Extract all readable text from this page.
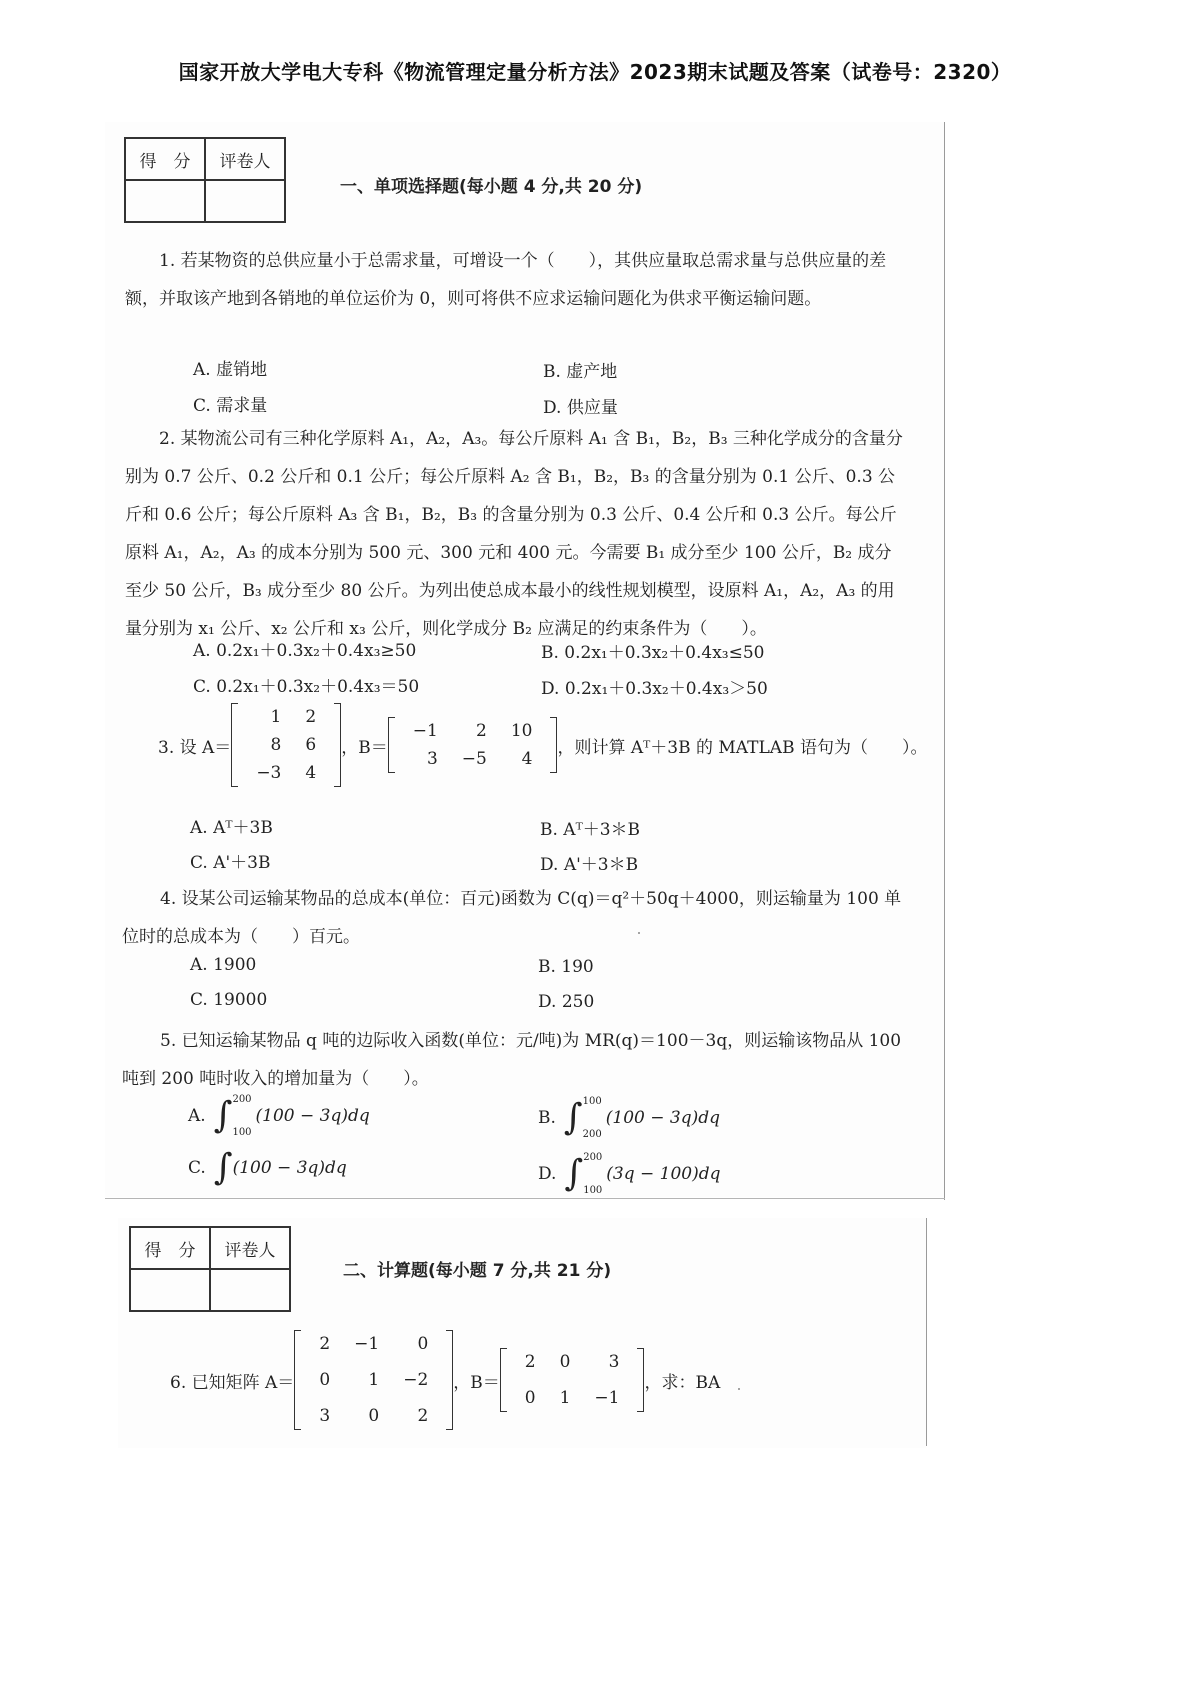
国家开放大学电大专科《物流管理定量分析方法》2023期末试题及答案（试卷号：2320）
得　分	评卷人

一、单项选择题(每小题 4 分,共 20 分)
1. 若某物资的总供应量小于总需求量，可增设一个（　　），其供应量取总需求量与总供应量的差额，并取该产地到各销地的单位运价为 0，则可将供不应求运输问题化为供求平衡运输问题。
A. 虚销地	B. 虚产地
C. 需求量	D. 供应量
2. 某物流公司有三种化学原料 A₁，A₂，A₃。每公斤原料 A₁ 含 B₁，B₂，B₃ 三种化学成分的含量分别为 0.7 公斤、0.2 公斤和 0.1 公斤；每公斤原料 A₂ 含 B₁，B₂，B₃ 的含量分别为 0.1 公斤、0.3 公斤和 0.6 公斤；每公斤原料 A₃ 含 B₁，B₂，B₃ 的含量分别为 0.3 公斤、0.4 公斤和 0.3 公斤。每公斤原料 A₁，A₂，A₃ 的成本分别为 500 元、300 元和 400 元。今需要 B₁ 成分至少 100 公斤，B₂ 成分至少 50 公斤，B₃ 成分至少 80 公斤。为列出使总成本最小的线性规划模型，设原料 A₁，A₂，A₃ 的用量分别为 x₁ 公斤、x₂ 公斤和 x₃ 公斤，则化学成分 B₂ 应满足的约束条件为（　　）。
A. 0.2x₁＋0.3x₂＋0.4x₃≥50	B. 0.2x₁＋0.3x₂＋0.4x₃≤50
C. 0.2x₁＋0.3x₂＋0.4x₃＝50	D. 0.2x₁＋0.3x₂＋0.4x₃＞50
3. 设 A＝
1	2
8	6
−3	4
，B＝
−1	2	10
3	−5	4
，则计算 Aᵀ＋3B 的 MATLAB 语句为（　　）。
A. Aᵀ＋3B	B. Aᵀ＋3＊B
C. A'＋3B	D. A'＋3＊B
4. 设某公司运输某物品的总成本(单位：百元)函数为 C(q)＝q²＋50q＋4000，则运输量为 100 单位时的总成本为（　　）百元。
A. 1900	B. 190
C. 19000	D. 250
5. 已知运输某物品 q 吨的边际收入函数(单位：元/吨)为 MR(q)＝100－3q，则运输该物品从 100 吨到 200 吨时收入的增加量为（　　）。
A. ∫ 200
100
(100 − 3q)dq	B. ∫ 100
200
(100 − 3q)dq
C. ∫ (100 − 3q)dq	D. ∫ 200
100
(3q − 100)dq
得　分	评卷人

二、计算题(每小题 7 分,共 21 分)
6. 已知矩阵 A＝
2	−1	0
0	1	−2
3	0	2
，B＝
2	0	3
0	1	−1
，求：BA
